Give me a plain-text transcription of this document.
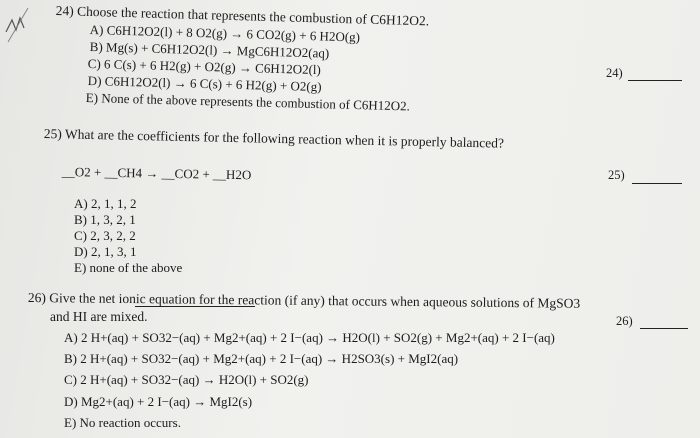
24) Choose the reaction that represents the combustion of C6H12O2.
A) C6H12O2(l) + 8 O2(g) → 6 CO2(g) + 6 H2O(g)
B) Mg(s) + C6H12O2(l) → MgC6H12O2(aq)
C) 6 C(s) + 6 H2(g) + O2(g) → C6H12O2(l)
D) C6H12O2(l) → 6 C(s) + 6 H2(g) + O2(g)
E) None of the above represents the combustion of C6H12O2.
24)
25) What are the coefficients for the following reaction when it is properly balanced?
__O2 + __CH4 → __CO2 + __H2O
A) 2, 1, 1, 2
B) 1, 3, 2, 1
C) 2, 3, 2, 2
D) 2, 1, 3, 1
E) none of the above
25)
26) Give the net ionic equation for the reaction (if any) that occurs when aqueous solutions of MgSO3
and HI are mixed.
A) 2 H+(aq) + SO32−(aq) + Mg2+(aq) + 2 I−(aq) → H2O(l) + SO2(g) + Mg2+(aq) + 2 I−(aq)
B) 2 H+(aq) + SO32−(aq) + Mg2+(aq) + 2 I−(aq) → H2SO3(s) + MgI2(aq)
C) 2 H+(aq) + SO32−(aq) → H2O(l) + SO2(g)
D) Mg2+(aq) + 2 I−(aq) → MgI2(s)
E) No reaction occurs.
26)
